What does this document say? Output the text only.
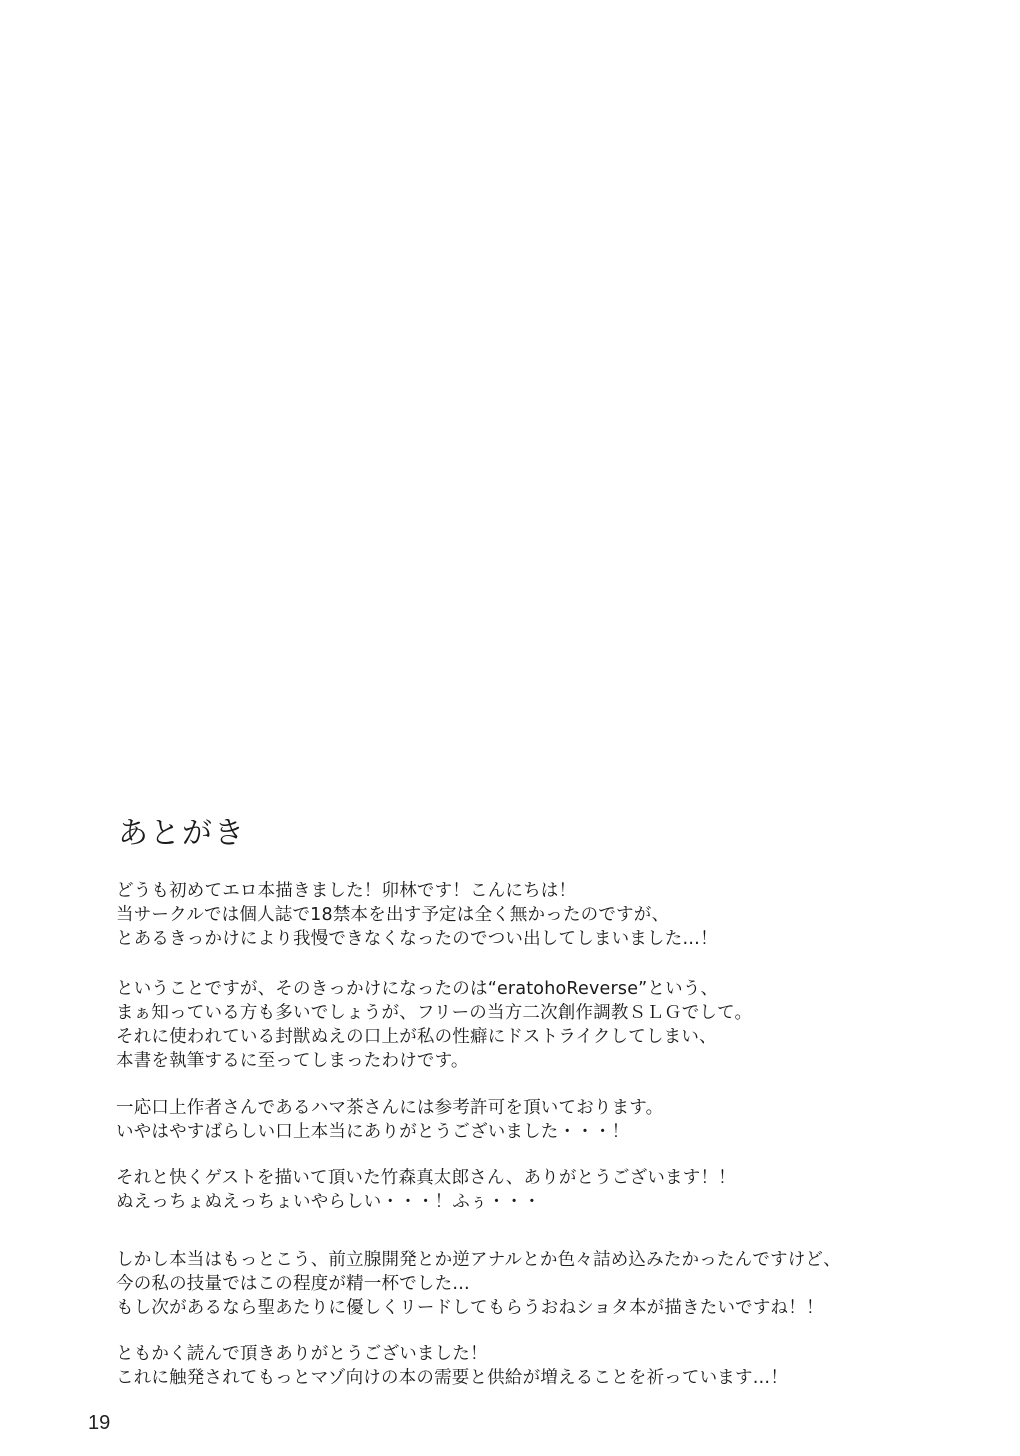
あとがき
どうも初めてエロ本描きました！卯林です！こんにちは！
当サークルでは個人誌で18禁本を出す予定は全く無かったのですが、
とあるきっかけにより我慢できなくなったのでつい出してしまいました…！
ということですが、そのきっかけになったのは“eratohoReverse”という、
まぁ知っている方も多いでしょうが、フリーの当方二次創作調教ＳＬＧでして。
それに使われている封獣ぬえの口上が私の性癖にドストライクしてしまい、
本書を執筆するに至ってしまったわけです。
一応口上作者さんであるハマ茶さんには参考許可を頂いております。
いやはやすばらしい口上本当にありがとうございました・・・！
それと快くゲストを描いて頂いた竹森真太郎さん、ありがとうございます！！
ぬえっちょぬえっちょいやらしい・・・！ふぅ・・・
しかし本当はもっとこう、前立腺開発とか逆アナルとか色々詰め込みたかったんですけど、
今の私の技量ではこの程度が精一杯でした…
もし次があるなら聖あたりに優しくリードしてもらうおねショタ本が描きたいですね！！
ともかく読んで頂きありがとうございました！
これに触発されてもっとマゾ向けの本の需要と供給が増えることを祈っています…！
19
